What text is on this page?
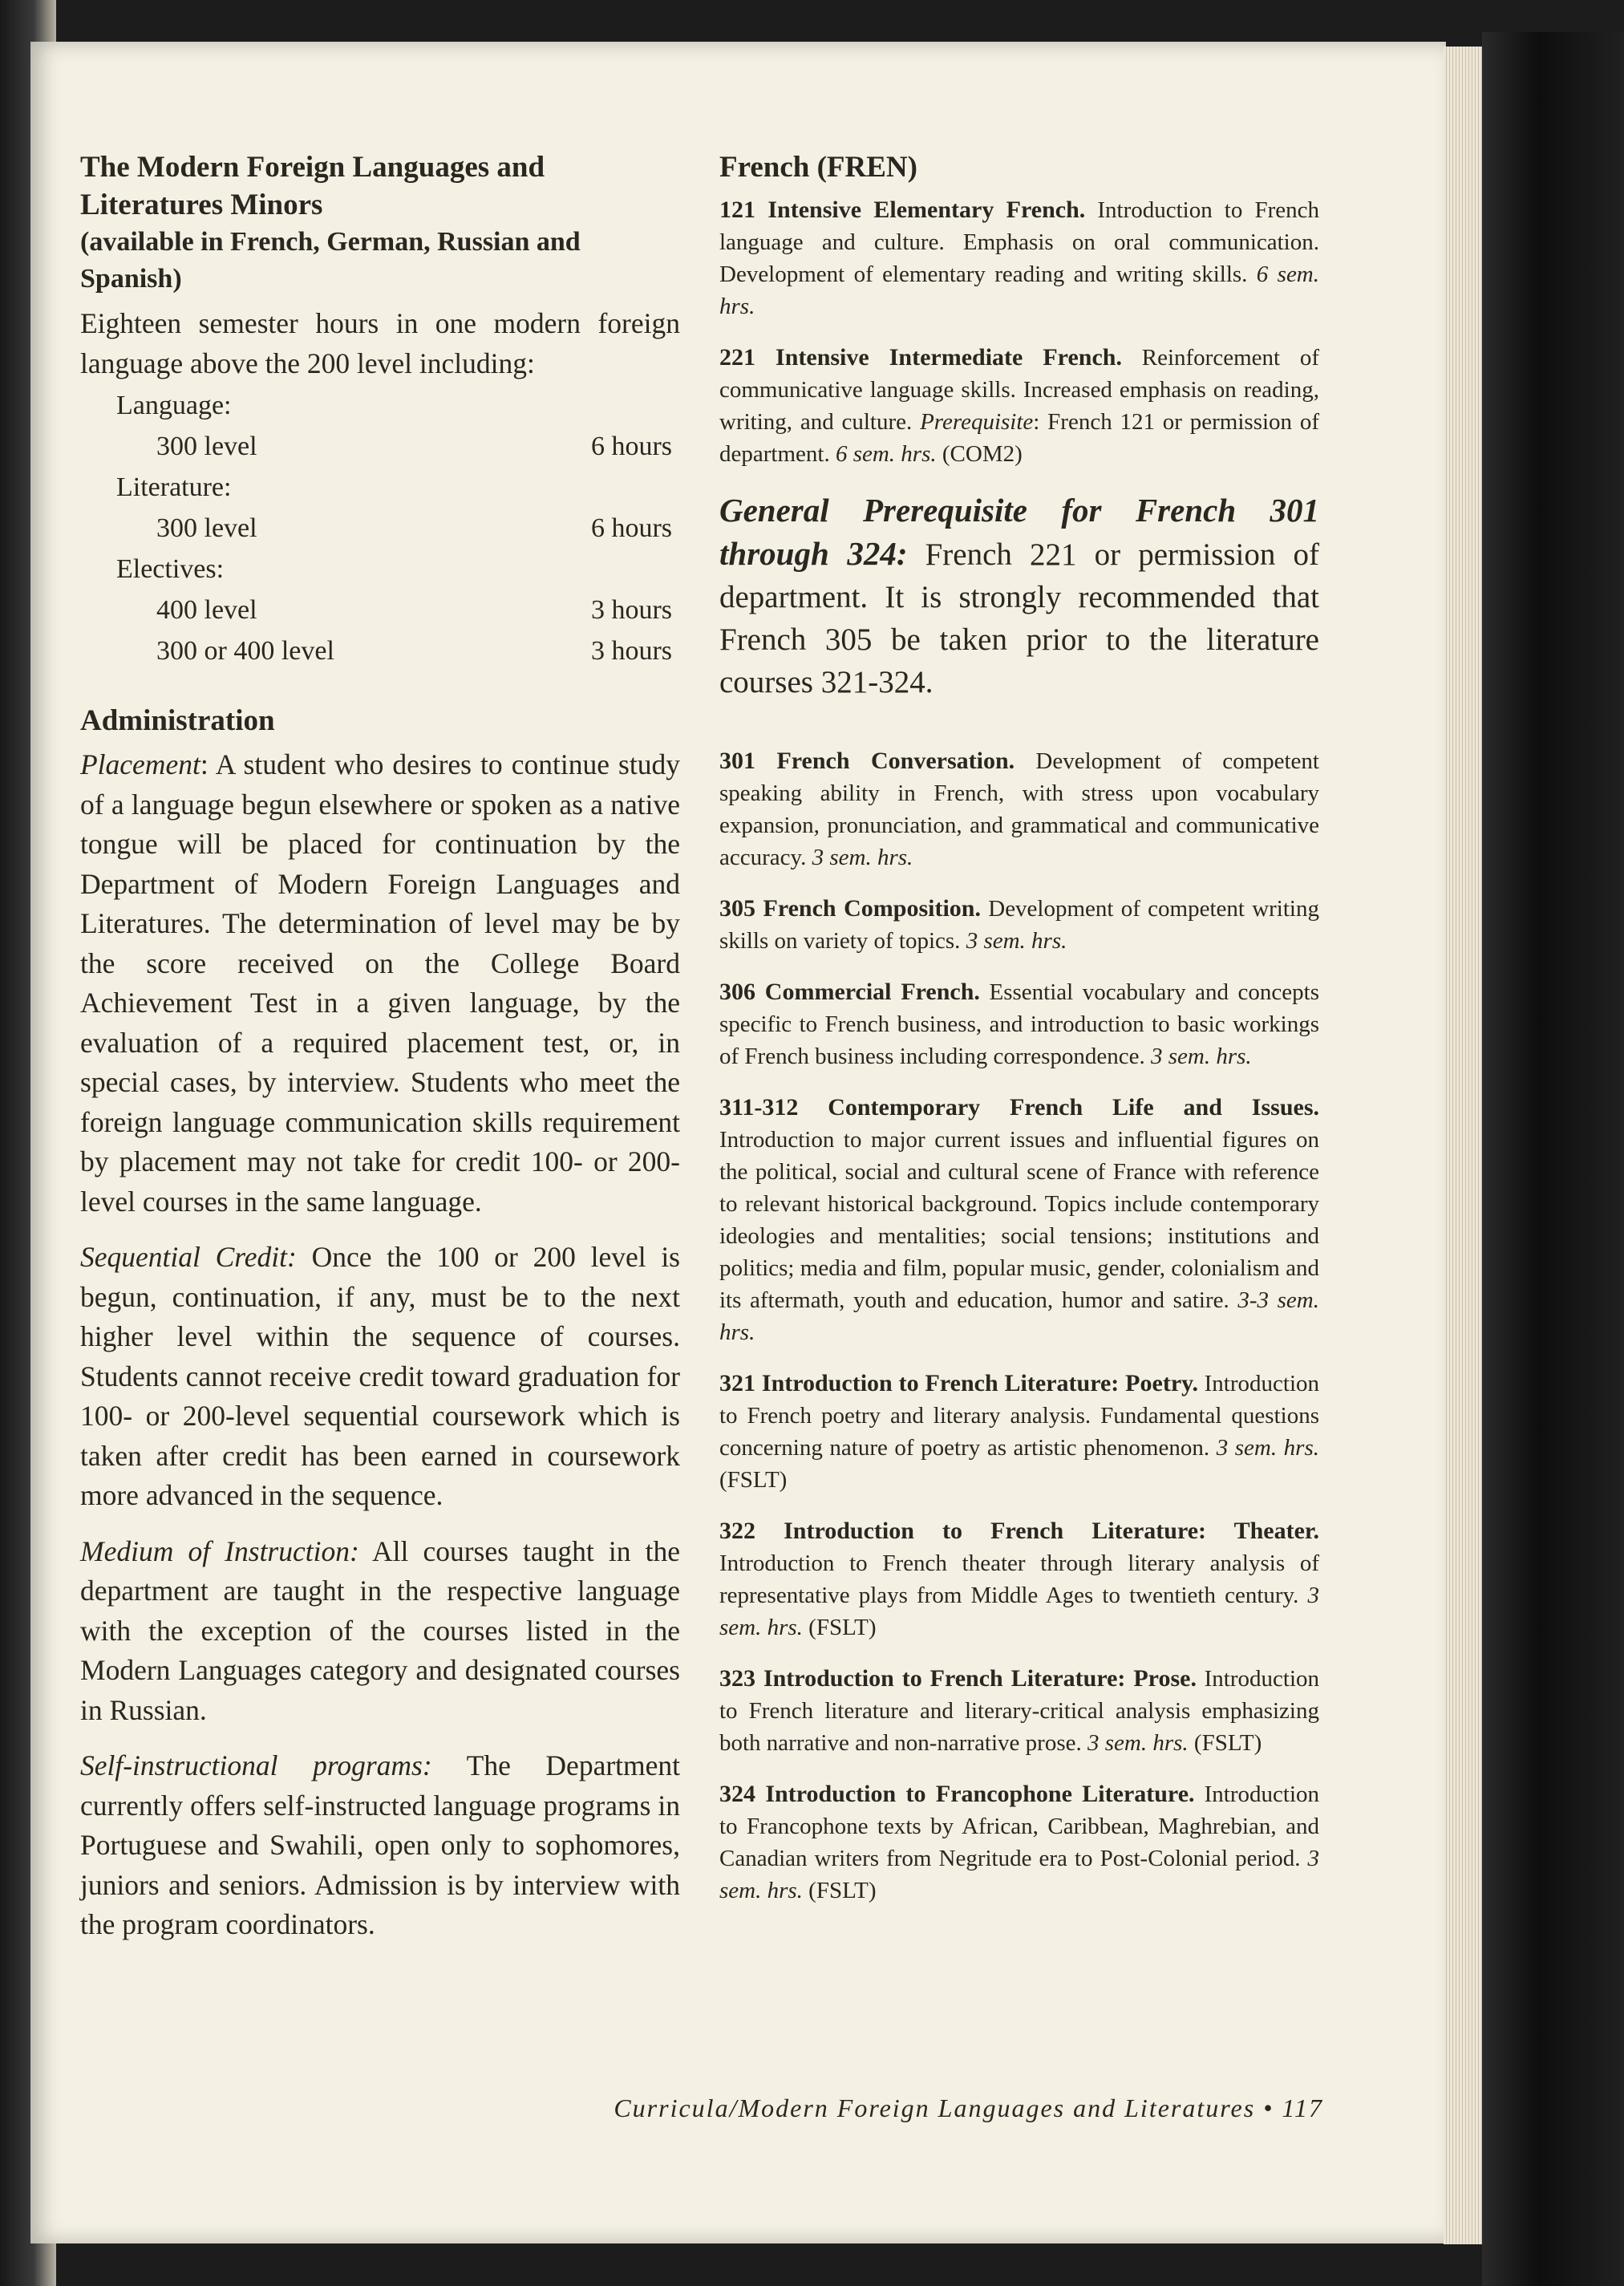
The Modern Foreign Languages and Literatures Minors

(available in French, German, Russian and Spanish)

Eighteen semester hours in one modern foreign language above the 200 level including:

Language:
300 level	6 hours
Literature:
300 level	6 hours
Electives:
400 level	3 hours
300 or 400 level	3 hours

Administration

Placement: A student who desires to continue study of a language begun elsewhere or spoken as a native tongue will be placed for continuation by the Department of Modern Foreign Languages and Literatures. The determination of level may be by the score received on the College Board Achievement Test in a given language, by the evaluation of a required placement test, or, in special cases, by interview. Students who meet the foreign language communication skills requirement by placement may not take for credit 100- or 200-level courses in the same language.

Sequential Credit: Once the 100 or 200 level is begun, continuation, if any, must be to the next higher level within the sequence of courses. Students cannot receive credit toward graduation for 100- or 200-level sequential coursework which is taken after credit has been earned in coursework more advanced in the sequence.

Medium of Instruction: All courses taught in the department are taught in the respective language with the exception of the courses listed in the Modern Languages category and designated courses in Russian.

Self-instructional programs: The Department currently offers self-instructed language programs in Portuguese and Swahili, open only to sophomores, juniors and seniors. Admission is by interview with the program coordinators.

French (FREN)

121 Intensive Elementary French. Introduction to French language and culture. Emphasis on oral communication. Development of elementary reading and writing skills. 6 sem. hrs.

221 Intensive Intermediate French. Reinforcement of communicative language skills. Increased emphasis on reading, writing, and culture. Prerequisite: French 121 or permission of department. 6 sem. hrs. (COM2)

General Prerequisite for French 301 through 324: French 221 or permission of department. It is strongly recommended that French 305 be taken prior to the literature courses 321-324.

301 French Conversation. Development of competent speaking ability in French, with stress upon vocabulary expansion, pronunciation, and grammatical and communicative accuracy. 3 sem. hrs.

305 French Composition. Development of competent writing skills on variety of topics. 3 sem. hrs.

306 Commercial French. Essential vocabulary and concepts specific to French business, and introduction to basic workings of French business including correspondence. 3 sem. hrs.

311-312 Contemporary French Life and Issues. Introduction to major current issues and influential figures on the political, social and cultural scene of France with reference to relevant historical background. Topics include contemporary ideologies and mentalities; social tensions; institutions and politics; media and film, popular music, gender, colonialism and its aftermath, youth and education, humor and satire. 3-3 sem. hrs.

321 Introduction to French Literature: Poetry. Introduction to French poetry and literary analysis. Fundamental questions concerning nature of poetry as artistic phenomenon. 3 sem. hrs. (FSLT)

322 Introduction to French Literature: Theater. Introduction to French theater through literary analysis of representative plays from Middle Ages to twentieth century. 3 sem. hrs. (FSLT)

323 Introduction to French Literature: Prose. Introduction to French literature and literary-critical analysis emphasizing both narrative and non-narrative prose. 3 sem. hrs. (FSLT)

324 Introduction to Francophone Literature. Introduction to Francophone texts by African, Caribbean, Maghrebian, and Canadian writers from Negritude era to Post-Colonial period. 3 sem. hrs. (FSLT)

Curricula/Modern Foreign Languages and Literatures • 117
